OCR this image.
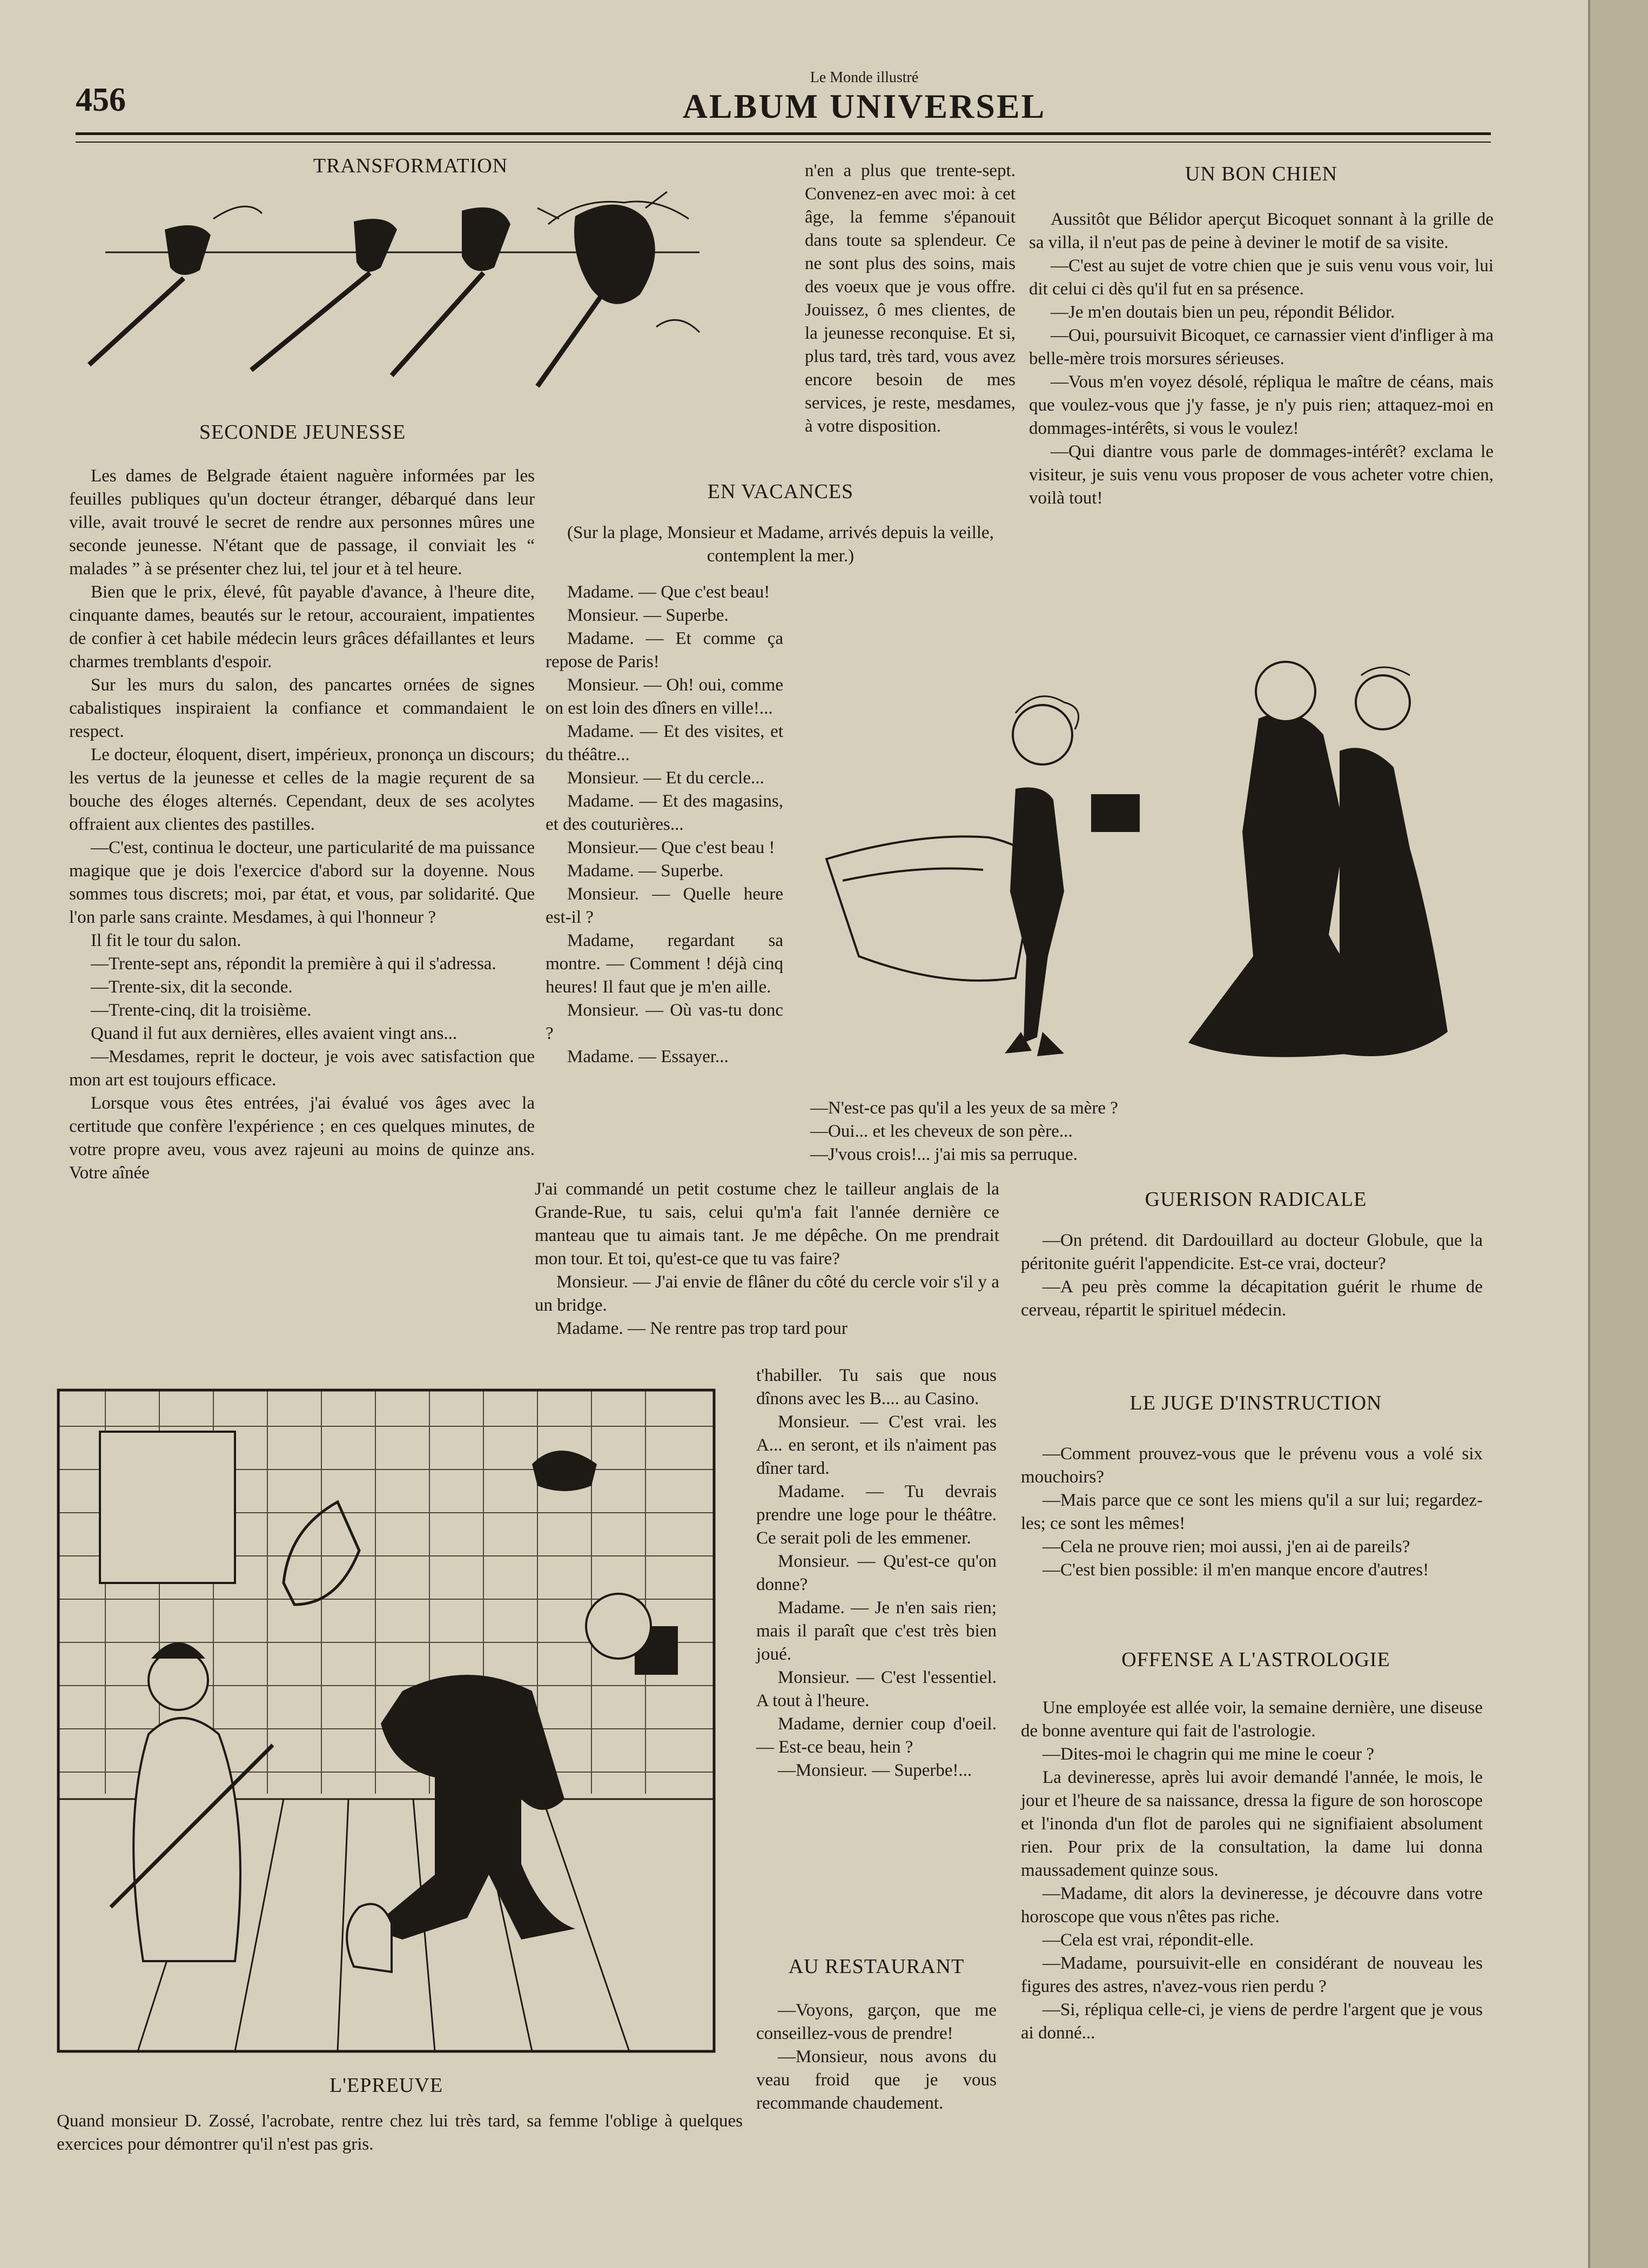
456
Le Monde illustré
ALBUM UNIVERSEL
TRANSFORMATION
SECONDE JEUNESSE

Les dames de Belgrade étaient naguère informées par les feuilles publiques qu'un docteur étranger, débarqué dans leur ville, avait trouvé le secret de rendre aux personnes mûres une seconde jeunesse. N'étant que de passage, il conviait les “ malades ” à se présenter chez lui, tel jour et à tel heure.

Bien que le prix, élevé, fût payable d'avance, à l'heure dite, cinquante dames, beautés sur le retour, accouraient, impatientes de confier à cet habile médecin leurs grâces défaillantes et leurs charmes tremblants d'espoir.

Sur les murs du salon, des pancartes ornées de signes cabalistiques inspiraient la confiance et commandaient le respect.

Le docteur, éloquent, disert, impérieux, prononça un discours; les vertus de la jeunesse et celles de la magie reçurent de sa bouche des éloges alternés. Cependant, deux de ses acolytes offraient aux clientes des pastilles.

—C'est, continua le docteur, une particularité de ma puissance magique que je dois l'exercice d'abord sur la doyenne. Nous sommes tous discrets; moi, par état, et vous, par solidarité. Que l'on parle sans crainte. Mesdames, à qui l'honneur ?

Il fit le tour du salon.

—Trente-sept ans, répondit la première à qui il s'adressa.

—Trente-six, dit la seconde.

—Trente-cinq, dit la troisième.

Quand il fut aux dernières, elles avaient vingt ans...

—Mesdames, reprit le docteur, je vois avec satisfaction que mon art est toujours efficace.

Lorsque vous êtes entrées, j'ai évalué vos âges avec la certitude que confère l'expérience ; en ces quelques minutes, de votre propre aveu, vous avez rajeuni au moins de quinze ans. Votre aînée

n'en a plus que trente-sept. Convenez-en avec moi: à cet âge, la femme s'épanouit dans toute sa splendeur. Ce ne sont plus des soins, mais des voeux que je vous offre. Jouissez, ô mes clientes, de la jeunesse reconquise. Et si, plus tard, très tard, vous avez encore besoin de mes services, je reste, mesdames, à votre disposition.

EN VACANCES
(Sur la plage, Monsieur et Madame, arrivés depuis la veille, contemplent la mer.)

Madame. — Que c'est beau!

Monsieur. — Superbe.

Madame. — Et comme ça repose de Paris!

Monsieur. — Oh! oui, comme on est loin des dîners en ville!...

Madame. — Et des visites, et du théâtre...

Monsieur. — Et du cercle...

Madame. — Et des magasins, et des couturières...

Monsieur.— Que c'est beau !

Madame. — Superbe.

Monsieur. — Quelle heure est-il ?

Madame, regardant sa montre. — Comment ! déjà cinq heures! Il faut que je m'en aille.

Monsieur. — Où vas-tu donc ?

Madame. — Essayer...

J'ai commandé un petit costume chez le tailleur anglais de la Grande-Rue, tu sais, celui qu'm'a fait l'année dernière ce manteau que tu aimais tant. Je me dépêche. On me prendrait mon tour. Et toi, qu'est-ce que tu vas faire?

Monsieur. — J'ai envie de flâner du côté du cercle voir s'il y a un bridge.

Madame. — Ne rentre pas trop tard pour

t'habiller. Tu sais que nous dînons avec les B.... au Casino.

Monsieur. — C'est vrai. les A... en seront, et ils n'aiment pas dîner tard.

Madame. — Tu devrais prendre une loge pour le théâtre. Ce serait poli de les emmener.

Monsieur. — Qu'est-ce qu'on donne?

Madame. — Je n'en sais rien; mais il paraît que c'est très bien joué.

Monsieur. — C'est l'essentiel. A tout à l'heure.

Madame, dernier coup d'oeil. — Est-ce beau, hein ?

—Monsieur. — Superbe!...

AU RESTAURANT

—Voyons, garçon, que me conseillez-vous de prendre!

—Monsieur, nous avons du veau froid que je vous recommande chaudement.

UN BON CHIEN

Aussitôt que Bélidor aperçut Bicoquet sonnant à la grille de sa villa, il n'eut pas de peine à deviner le motif de sa visite.

—C'est au sujet de votre chien que je suis venu vous voir, lui dit celui ci dès qu'il fut en sa présence.

—Je m'en doutais bien un peu, répondit Bélidor.

—Oui, poursuivit Bicoquet, ce carnassier vient d'infliger à ma belle-mère trois morsures sérieuses.

—Vous m'en voyez désolé, répliqua le maître de céans, mais que voulez-vous que j'y fasse, je n'y puis rien; attaquez-moi en dommages-intérêts, si vous le voulez!

—Qui diantre vous parle de dommages-intérêt? exclama le visiteur, je suis venu vous proposer de vous acheter votre chien, voilà tout!

—N'est-ce pas qu'il a les yeux de sa mère ?
—Oui... et les cheveux de son père...
—J'vous crois!... j'ai mis sa perruque.
GUERISON RADICALE

—On prétend. dit Dardouillard au docteur Globule, que la péritonite guérit l'appendicite. Est-ce vrai, docteur?

—A peu près comme la décapitation guérit le rhume de cerveau, répartit le spirituel médecin.

LE JUGE D'INSTRUCTION

—Comment prouvez-vous que le prévenu vous a volé six mouchoirs?

—Mais parce que ce sont les miens qu'il a sur lui; regardez-les; ce sont les mêmes!

—Cela ne prouve rien; moi aussi, j'en ai de pareils?

—C'est bien possible: il m'en manque encore d'autres!

OFFENSE A L'ASTROLOGIE

Une employée est allée voir, la semaine dernière, une diseuse de bonne aventure qui fait de l'astrologie.

—Dites-moi le chagrin qui me mine le coeur ?

La devineresse, après lui avoir demandé l'année, le mois, le jour et l'heure de sa naissance, dressa la figure de son horoscope et l'inonda d'un flot de paroles qui ne signifiaient absolument rien. Pour prix de la consultation, la dame lui donna maussadement quinze sous.

—Madame, dit alors la devineresse, je découvre dans votre horoscope que vous n'êtes pas riche.

—Cela est vrai, répondit-elle.

—Madame, poursuivit-elle en considérant de nouveau les figures des astres, n'avez-vous rien perdu ?

—Si, répliqua celle-ci, je viens de perdre l'argent que je vous ai donné...

L'EPREUVE
Quand monsieur D. Zossé, l'acrobate, rentre chez lui très tard, sa femme l'oblige à quelques exercices pour démontrer qu'il n'est pas gris.
